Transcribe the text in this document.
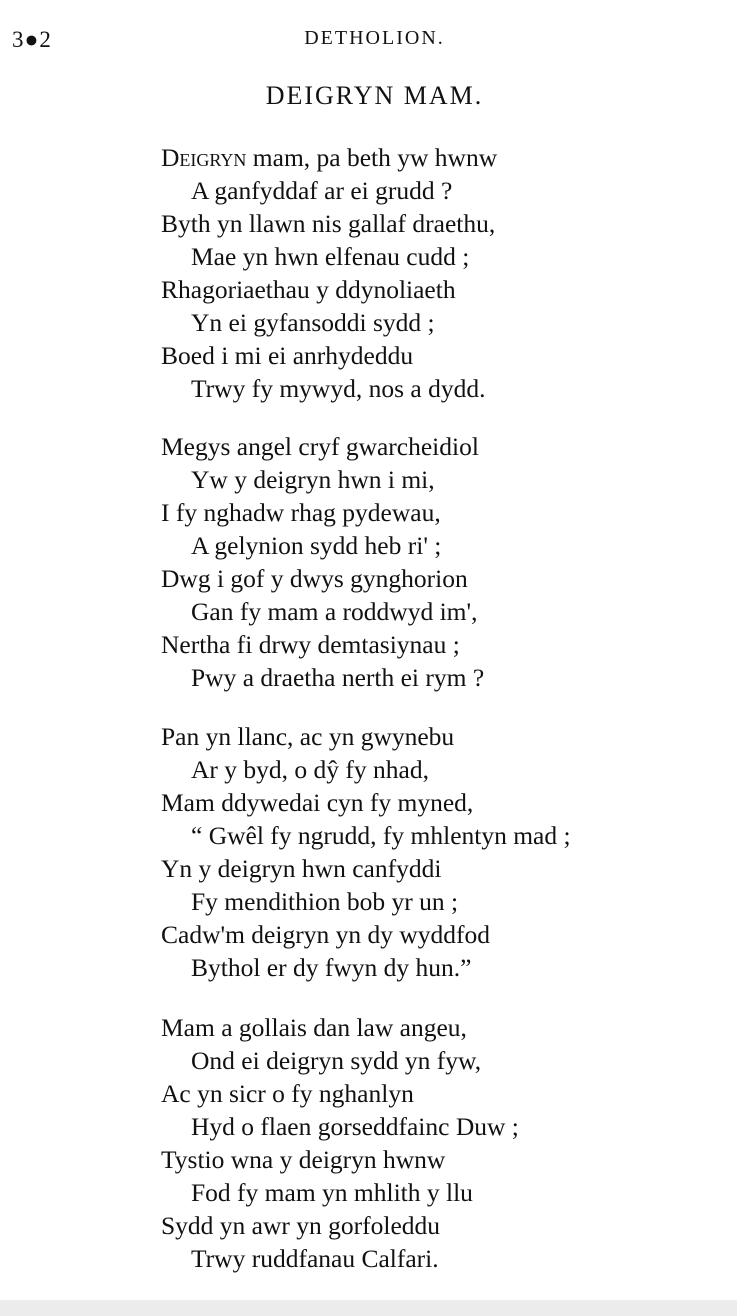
3●2	DETHOLION.
DEIGRYN MAM.
Deigryn mam, pa beth yw hwnw
A ganfyddaf ar ei grudd ?
Byth yn llawn nis gallaf draethu,
Mae yn hwn elfenau cudd ;
Rhagoriaethau y ddynoliaeth
Yn ei gyfansoddi sydd ;
Boed i mi ei anrhydeddu
Trwy fy mywyd, nos a dydd.
Megys angel cryf gwarcheidiol
Yw y deigryn hwn i mi,
I fy nghadw rhag pydewau,
A gelynion sydd heb ri' ;
Dwg i gof y dwys gynghorion
Gan fy mam a roddwyd im',
Nertha fi drwy demtasiynau ;
Pwy a draetha nerth ei rym ?
Pan yn llanc, ac yn gwynebu
Ar y byd, o dŷ fy nhad,
Mam ddywedai cyn fy myned,
“ Gwêl fy ngrudd, fy mhlentyn mad ;
Yn y deigryn hwn canfyddi
Fy mendithion bob yr un ;
Cadw'm deigryn yn dy wyddfod
Bythol er dy fwyn dy hun.”
Mam a gollais dan law angeu,
Ond ei deigryn sydd yn fyw,
Ac yn sicr o fy nghanlyn
Hyd o flaen gorseddfainc Duw ;
Tystio wna y deigryn hwnw
Fod fy mam yn mhlith y llu
Sydd yn awr yn gorfoleddu
Trwy ruddfanau Calfari.
